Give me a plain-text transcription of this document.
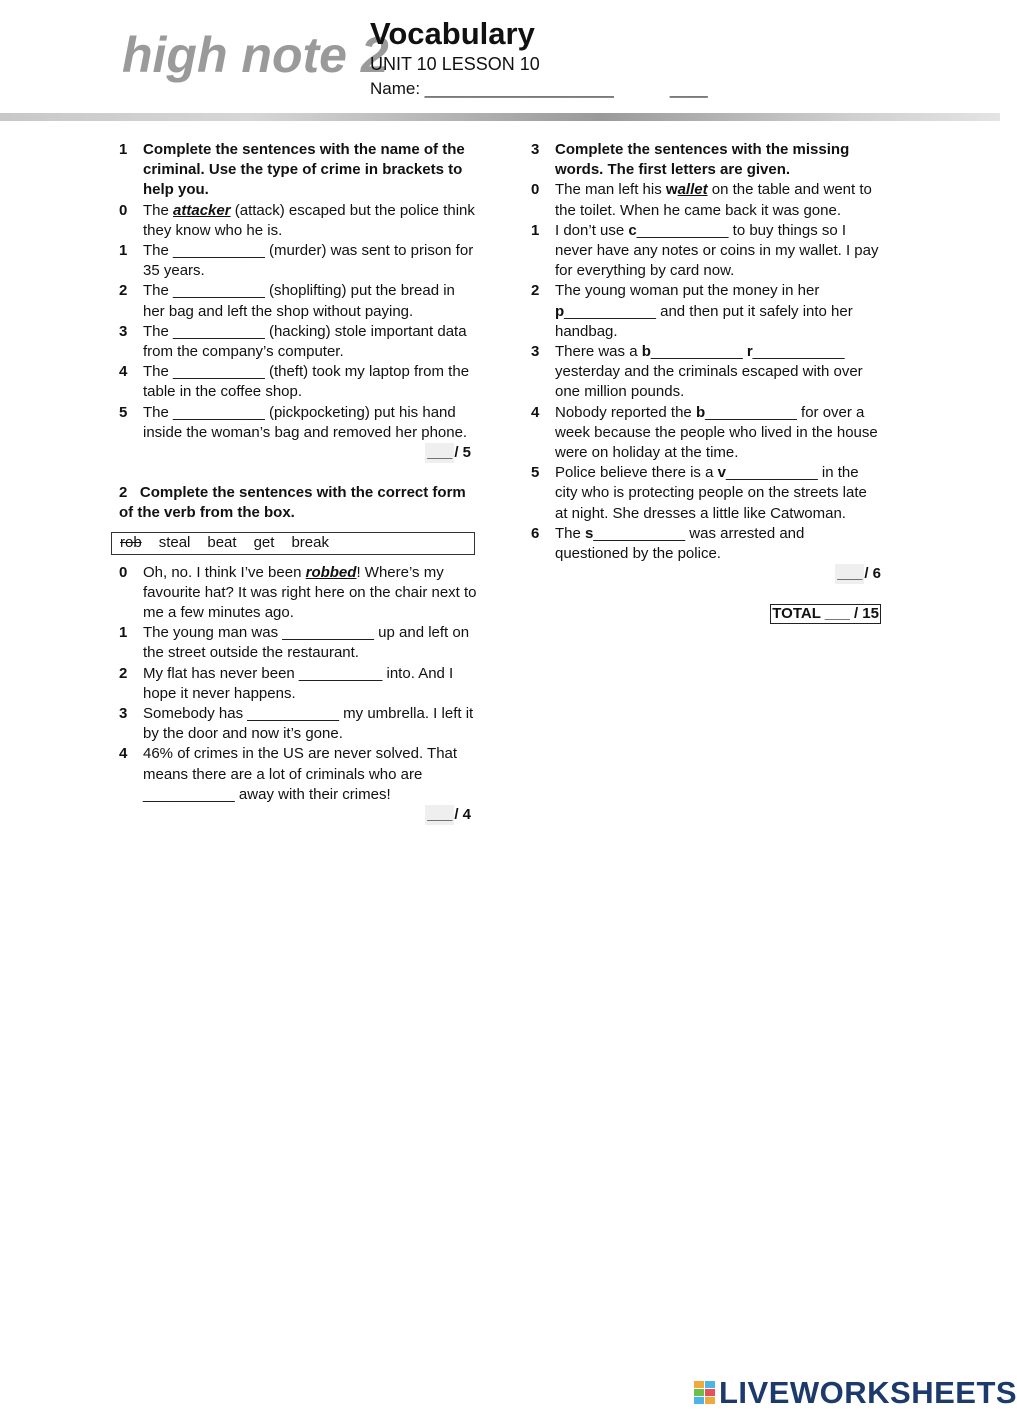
high note 2
Vocabulary
UNIT 10 LESSON 10
Name: ____________________	____
1	Complete the sentences with the name of the criminal. Use the type of crime in brackets to help you.
0	The attacker (attack) escaped but the police think they know who he is.
1	The ___________ (murder) was sent to prison for 35 years.
2	The ___________ (shoplifting) put the bread in her bag and left the shop without paying.
3	The ___________ (hacking) stole important data from the company’s computer.
4	The ___________ (theft) took my laptop from the table in the coffee shop.
5	The ___________ (pickpocketing) put his hand inside the woman’s bag and removed her phone.
___/ 5
2 Complete the sentences with the correct form of the verb from the box.
rob steal beat get break
0	Oh, no. I think I’ve been robbed! Where’s my favourite hat? It was right here on the chair next to me a few minutes ago.
1	The young man was ___________ up and left on the street outside the restaurant.
2	My flat has never been __________ into. And I hope it never happens.
3	Somebody has ___________ my umbrella. I left it by the door and now it’s gone.
4	46% of crimes in the US are never solved. That means there are a lot of criminals who are ___________ away with their crimes!
___/ 4
3	Complete the sentences with the missing words. The first letters are given.
0	The man left his wallet on the table and went to the toilet. When he came back it was gone.
1	I don’t use c___________ to buy things so I never have any notes or coins in my wallet. I pay for everything by card now.
2	The young woman put the money in her p___________ and then put it safely into her handbag.
3	There was a b___________ r___________ yesterday and the criminals escaped with over one million pounds.
4	Nobody reported the b___________ for over a week because the people who lived in the house were on holiday at the time.
5	Police believe there is a v___________ in the city who is protecting people on the streets late at night. She dresses a little like Catwoman.
6	The s___________ was arrested and questioned by the police.
___/ 6
TOTAL ___ / 15
LIVEWORKSHEETS
